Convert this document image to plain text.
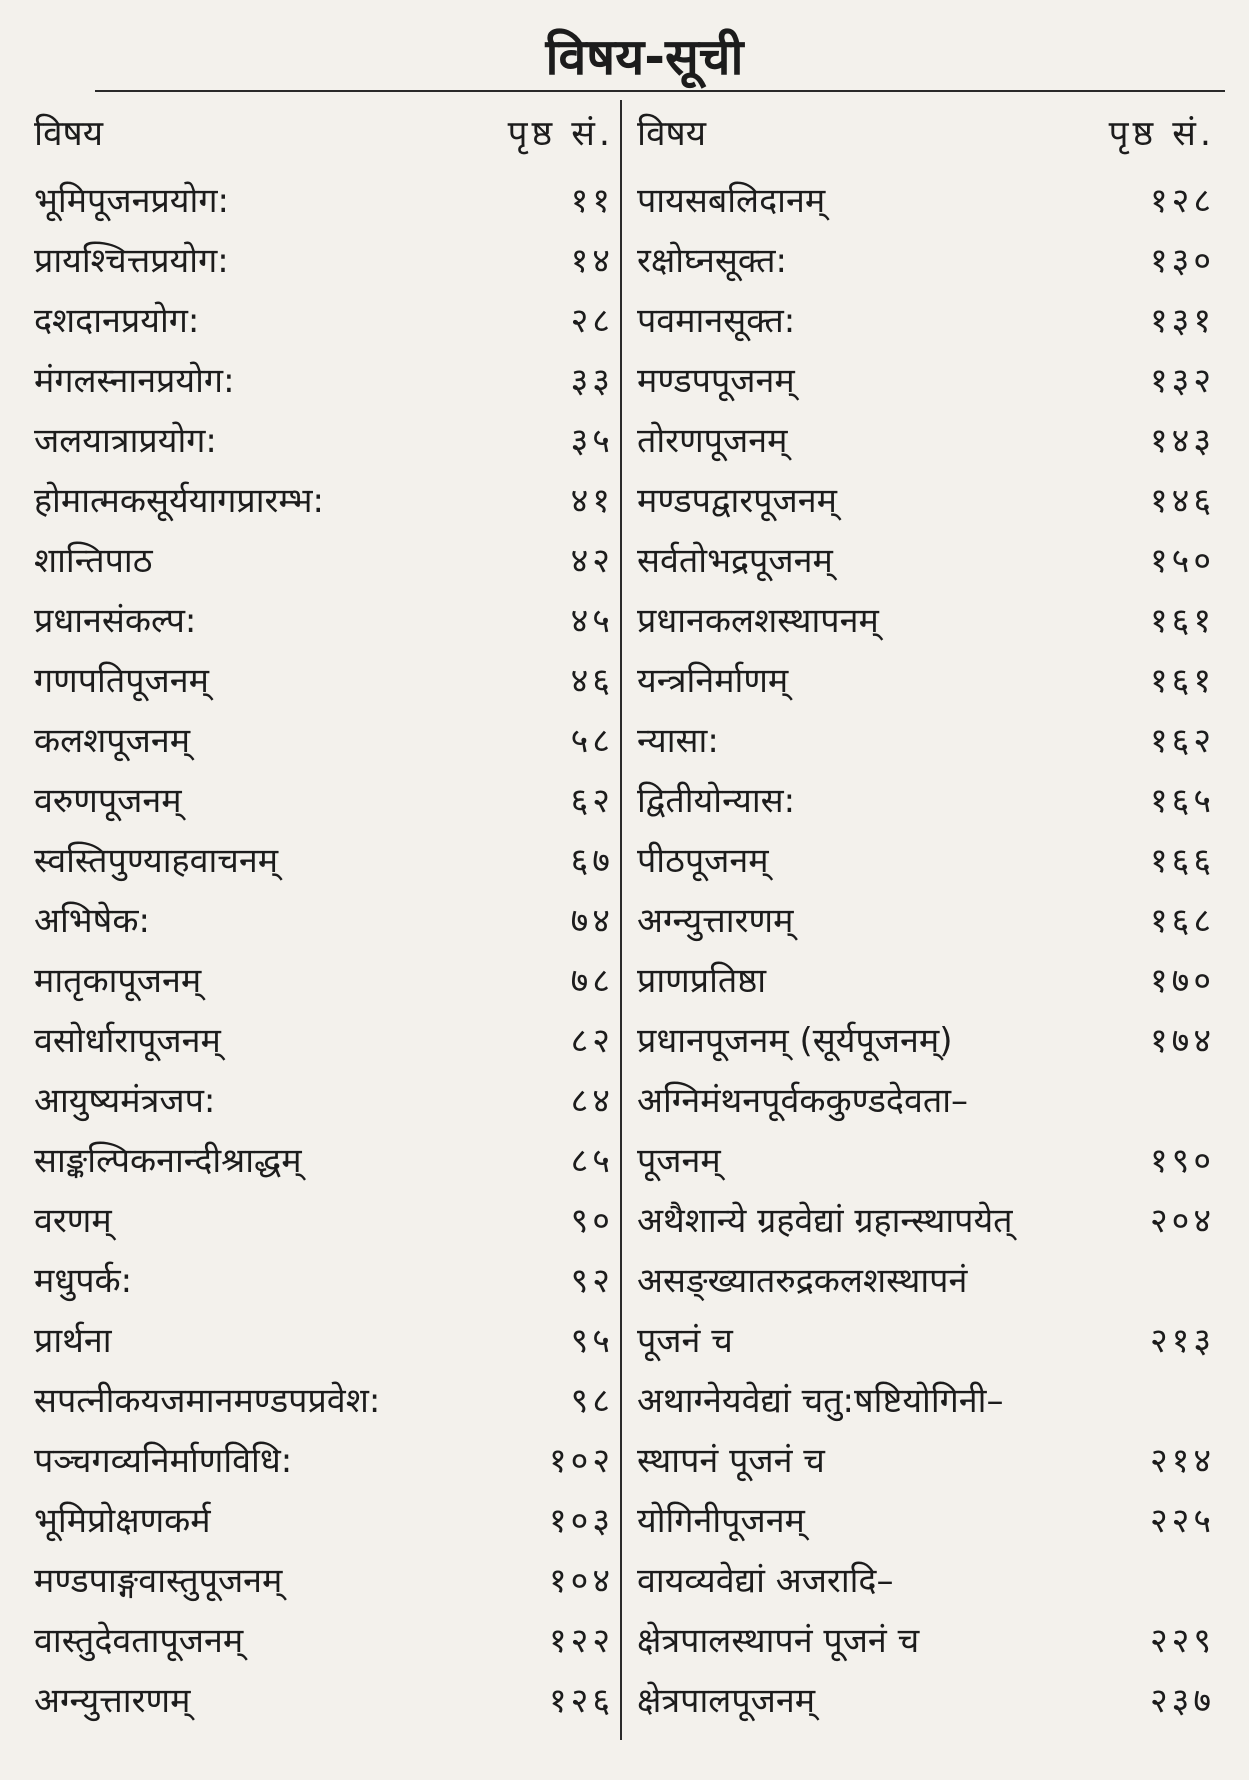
विषय-सूची
विषय	पृष्ठ सं.
भूमिपूजनप्रयोग:	११
प्रायश्चित्तप्रयोग:	१४
दशदानप्रयोग:	२८
मंगलस्नानप्रयोग:	३३
जलयात्राप्रयोग:	३५
होमात्मकसूर्ययागप्रारम्भ:	४१
शान्तिपाठ	४२
प्रधानसंकल्प:	४५
गणपतिपूजनम्	४६
कलशपूजनम्	५८
वरुणपूजनम्	६२
स्वस्तिपुण्याहवाचनम्	६७
अभिषेक:	७४
मातृकापूजनम्	७८
वसोर्धारापूजनम्	८२
आयुष्यमंत्रजप:	८४
साङ्कल्पिकनान्दीश्राद्धम्	८५
वरणम्	९०
मधुपर्क:	९२
प्रार्थना	९५
सपत्नीकयजमानमण्डपप्रवेश:	९८
पञ्चगव्यनिर्माणविधि:	१०२
भूमिप्रोक्षणकर्म	१०३
मण्डपाङ्गवास्तुपूजनम्	१०४
वास्तुदेवतापूजनम्	१२२
अग्न्युत्तारणम्	१२६
विषय	पृष्ठ सं.
पायसबलिदानम्	१२८
रक्षोघ्नसूक्त:	१३०
पवमानसूक्त:	१३१
मण्डपपूजनम्	१३२
तोरणपूजनम्	१४३
मण्डपद्वारपूजनम्	१४६
सर्वतोभद्रपूजनम्	१५०
प्रधानकलशस्थापनम्	१६१
यन्त्रनिर्माणम्	१६१
न्यासा:	१६२
द्वितीयोन्यास:	१६५
पीठपूजनम्	१६६
अग्न्युत्तारणम्	१६८
प्राणप्रतिष्ठा	१७०
प्रधानपूजनम् (सूर्यपूजनम्)	१७४
अग्निमंथनपूर्वककुण्डदेवता–
पूजनम्	१९०
अथैशान्ये ग्रहवेद्यां ग्रहान्स्थापयेत्	२०४
असङ्ख्यातरुद्रकलशस्थापनं
पूजनं च	२१३
अथाग्नेयवेद्यां चतु:षष्टियोगिनी–
स्थापनं पूजनं च	२१४
योगिनीपूजनम्	२२५
वायव्यवेद्यां अजरादि–
क्षेत्रपालस्थापनं पूजनं च	२२९
क्षेत्रपालपूजनम्	२३७
